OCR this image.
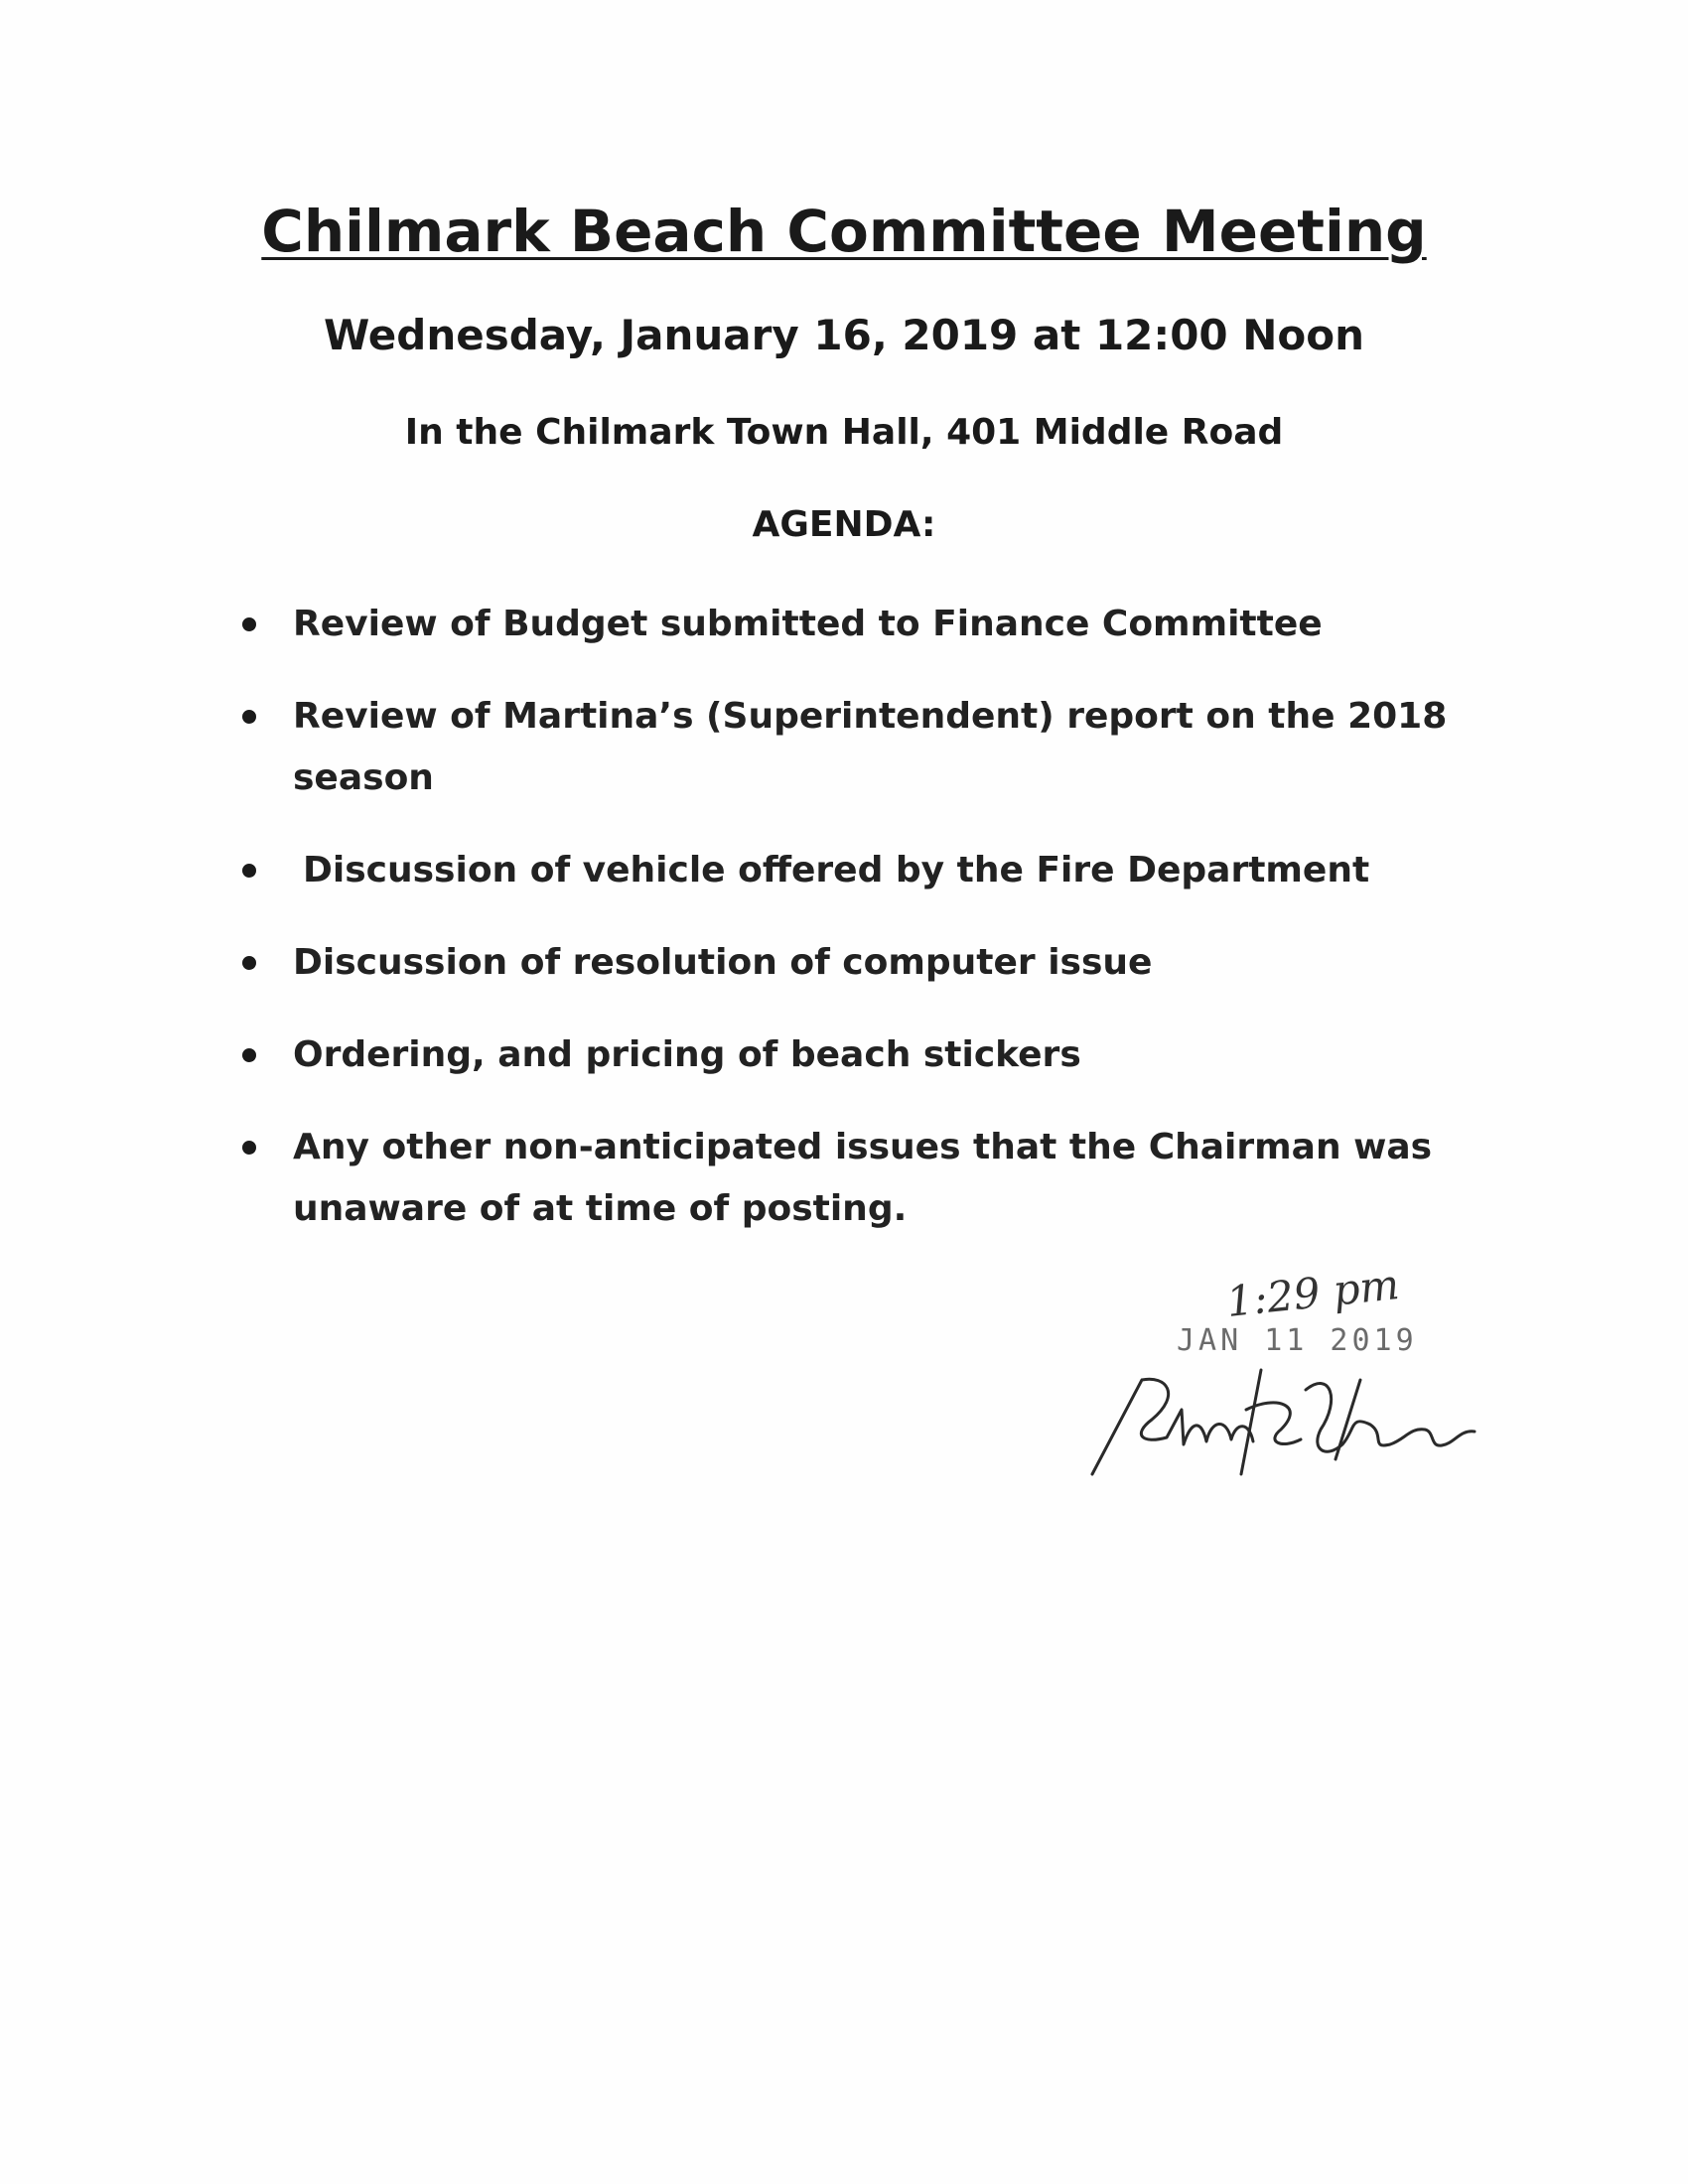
Chilmark Beach Committee Meeting
Wednesday, January 16, 2019 at 12:00 Noon
In the Chilmark Town Hall, 401 Middle Road
AGENDA:
Review of Budget submitted to Finance Committee
Review of Martina’s (Superintendent) report on the 2018 season
Discussion of vehicle offered by the Fire Department
Discussion of resolution of computer issue
Ordering, and pricing of beach stickers
Any other non-anticipated issues that the Chairman was unaware of at time of posting.
1:29 pm
JAN 11 2019
